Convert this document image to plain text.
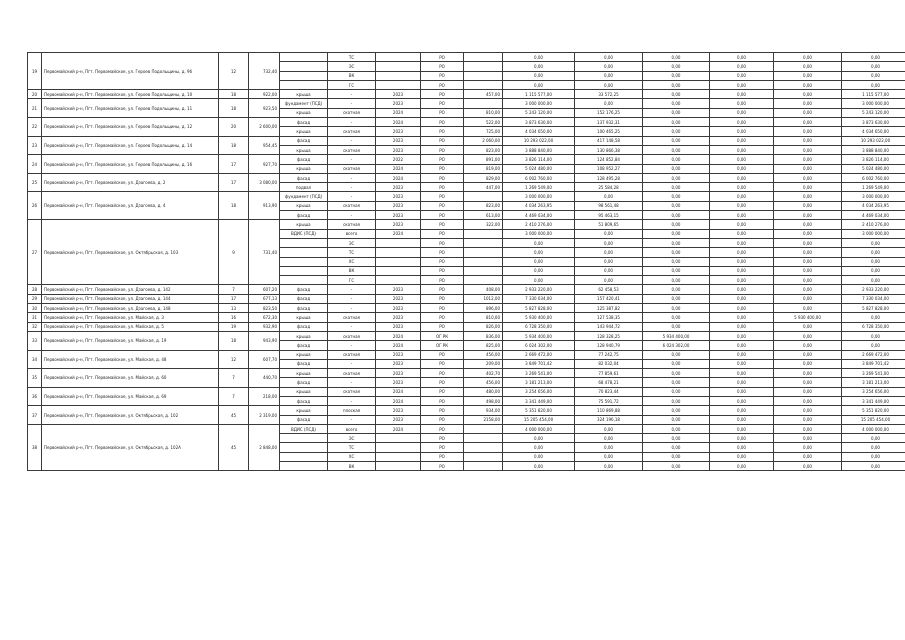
19	Первомайский р-н, Пгт. Первомайское, ул. Героев Подольщины, д. 9б	12	732,40		ТС		РО		0,00	0,00	0,00	0,00	0,00	0,00
					ЭС		РО		0,00	0,00	0,00	0,00	0,00	0,00
					ВК		РО		0,00	0,00	0,00	0,00	0,00	0,00
					ГС		РО		0,00	0,00	0,00	0,00	0,00	0,00
20	Первомайский р-н, Пгт. Первомайское, ул. Героев Подольщины, д. 10	18	922,00	крыша	-	2023	РО	457,00	1 115 577,00	33 572,25	0,00	0,00	0,00	1 115 577,00
21	Первомайский р-н, Пгт. Первомайское, ул. Героев Подольщины, д. 11	18	923,50	фундамент (ПСД)	-	2023	РО		3 000 000,00	0,00	0,00	0,00	0,00	3 000 000,00
				крыша	скатная	2024	РО	810,00	5 243 120,00	152 176,25	0,00	0,00	0,00	5 243 120,00
22	Первомайский р-н, Пгт. Первомайское, ул. Героев Подольщины, д. 12	20	2 600,00	фасад	-	2024	РО	522,00	3 873 630,00	137 932,31	0,00	0,00	0,00	3 873 630,00
				крыша	скатная	2023	РО	725,00	4 034 650,00	100 465,25	0,00	0,00	0,00	4 034 650,00
23	Первомайский р-н, Пгт. Первомайское, ул. Героев Подольщины, д. 14	18	954,45	фасад	-	2023	РО	2 060,00	10 293 022,00	417 148,58	0,00	0,00	0,00	10 293 022,00
				крыша	скатная	2023	РО	823,00	3 888 840,00	130 866,38	0,00	0,00	0,00	3 888 840,00
24	Первомайский р-н, Пгт. Первомайское, ул. Героев Подольщины, д. 16	17	927,70	фасад	-	2022	РО	891,00	3 826 114,00	124 852,84	0,00	0,00	0,00	3 826 114,00
				крыша	скатная	2024	РО	819,00	5 024 480,00	108 952,27	0,00	0,00	0,00	5 024 480,00
25	Первомайский р-н, Пгт. Первомайское, ул. Дзагоева, д. 2	17	3 080,00	фасад	-	2024	РО	829,00	6 002 760,00	128 495,28	0,00	0,00	0,00	6 002 760,00
				подвал	-	2023	РО	447,00	1 269 549,00	25 584,28	0,00	0,00	0,00	1 269 549,00
26	Первомайский р-н, Пгт. Первомайское, ул. Дзагоева, д. 4	18	913,90	фундамент (ПСД)	-	2023	РО		3 000 000,00	0,00	0,00	0,00	0,00	3 000 000,00
				крыша	скатная	2023	РО	823,00	4 034 263,95	98 561,48	0,00	0,00	0,00	4 034 263,95
				фасад	-	2023	РО	613,00	4 469 034,00	95 463,15	0,00	0,00	0,00	4 469 034,00
27	Первомайский р-н, Пгт. Первомайское, ул. Октябрьская, д. 103	9	731,40	крыша	скатная	2023	РО	322,00	2 410 276,00	51 809,65	0,00	0,00	0,00	2 410 276,00
				ВДИС (ПСД)	всего	2024	РО		3 000 000,00	0,00	0,00	0,00	0,00	3 000 000,00
					ЭС		РО		0,00	0,00	0,00	0,00	0,00	0,00
					ТС		РО		0,00	0,00	0,00	0,00	0,00	0,00
					ХС		РО		0,00	0,00	0,00	0,00	0,00	0,00
					ВК		РО		0,00	0,00	0,00	0,00	0,00	0,00
					ГС		РО		0,00	0,00	0,00	0,00	0,00	0,00
28	Первомайский р-н, Пгт. Первомайское, ул. Дзагоева, д. 142	7	607,20	фасад	-	2023	РО	408,00	2 933 220,00	62 458,53	0,00	0,00	0,00	2 933 220,00
29	Первомайский р-н, Пгт. Первомайское, ул. Дзагоева, д. 144	17	677,13	фасад	-	2023	РО	1012,00	7 330 034,00	157 420,41	0,00	0,00	0,00	7 330 034,00
30	Первомайский р-н, Пгт. Первомайское, ул. Дзагоева, д. 148	13	823,50	фасад	-	2023	РО	896,00	5 827 828,00	125 387,82	0,00	0,00	0,00	5 827 828,00
31	Первомайский р-н, Пгт. Первомайское, ул. Майская, д. 3	16	672,30	крыша	скатная	2023	РО	810,00	5 930 400,00	127 538,35	0,00	0,00	5 930 400,00	0,00
32	Первомайский р-н, Пгт. Первомайское, ул. Майская, д. 5	19	932,90	фасад	-	2023	РО	826,00	6 728 350,00	143 944,72	0,00	0,00	0,00	6 728 350,00
33	Первомайский р-н, Пгт. Первомайское, ул. Майская, д. 19	18	943,90	крыша	скатная	2024	ОГ РК	836,00	5 934 400,00	128 328,25	5 934 400,00	0,00	0,00	0,00
				фасад	-	2024	ОГ РК	825,00	6 024 302,00	128 940,79	6 024 302,00	0,00	0,00	0,00
34	Первомайский р-н, Пгт. Первомайское, ул. Майская, д. 48	12	607,70	крыша	скатная	2023	РО	456,00	2 669 472,00	77 242,75	0,00	0,00	0,00	2 669 472,00
				фасад	-	2023	РО	209,00	3 849 701,42	82 032,04	0,00	0,00	0,00	3 849 701,42
35	Первомайский р-н, Пгт. Первомайское, ул. Майская, д. 60	7	440,70	крыша	скатная	2023	РО	402,70	3 269 541,00	77 859,61	0,00	0,00	0,00	3 269 541,00
				фасад	-	2023	РО	456,00	3 181 213,00	68 478,21	0,00	0,00	0,00	3 181 213,00
36	Первомайский р-н, Пгт. Первомайское, ул. Майская, д. 69	7	218,00	крыша	скатная	2024	РО	480,00	3 254 656,00	70 823,44	0,00	0,00	0,00	3 254 656,00
				фасад	-	2024	РО	498,00	3 341 449,00	75 591,72	0,00	0,00	0,00	3 341 449,00
37	Первомайский р-н, Пгт. Первомайское, ул. Октябрьская, д. 102	45	2 319,00	крыша	плоская	2023	РО	934,00	5 351 820,00	110 869,88	0,00	0,00	0,00	5 351 820,00
				фасад	-	2023	РО	2158,00	15 205 454,00	324 196,18	0,00	0,00	0,00	15 205 454,00
38	Первомайский р-н, Пгт. Первомайское, ул. Октябрьская, д. 102А	45	2 848,00	ВДИС (ПСД)	всего	2024	РО		4 000 000,00	0,00	0,00	0,00	0,00	4 000 000,00
					ЭС		РО		0,00	0,00	0,00	0,00	0,00	0,00
					ТС		РО		0,00	0,00	0,00	0,00	0,00	0,00
					ХС		РО		0,00	0,00	0,00	0,00	0,00	0,00
					ВК		РО		0,00	0,00	0,00	0,00	0,00	0,00
